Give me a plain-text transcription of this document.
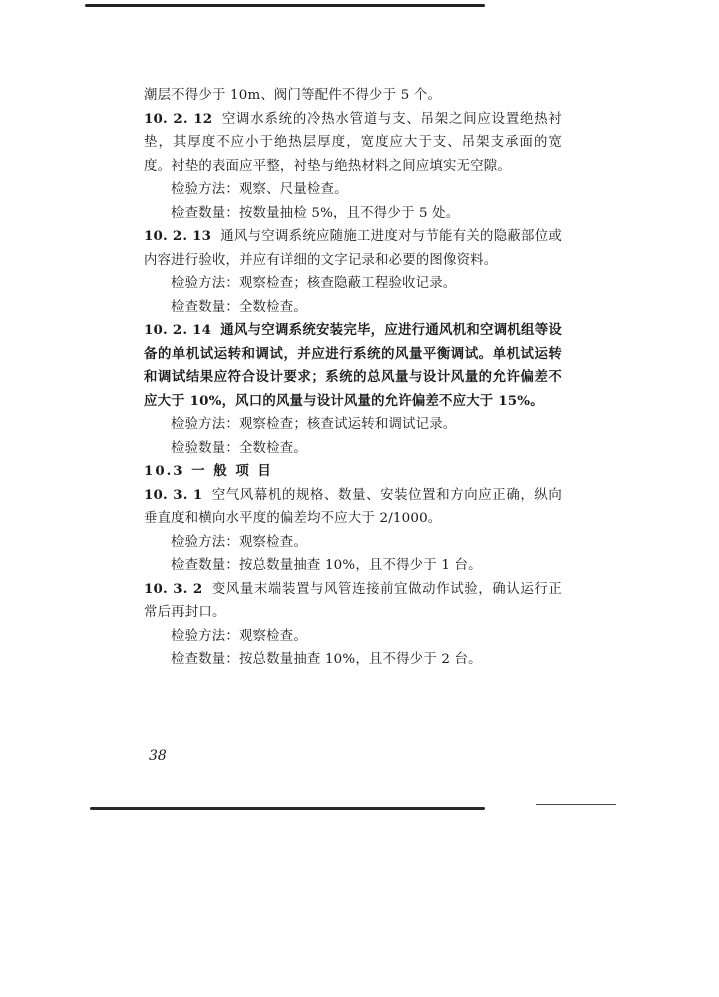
潮层不得少于 10m、阀门等配件不得少于 5 个。

10. 2. 12 空调水系统的冷热水管道与支、吊架之间应设置绝热衬垫，其厚度不应小于绝热层厚度，宽度应大于支、吊架支承面的宽度。衬垫的表面应平整，衬垫与绝热材料之间应填实无空隙。

检验方法：观察、尺量检查。

检查数量：按数量抽检 5%，且不得少于 5 处。

10. 2. 13 通风与空调系统应随施工进度对与节能有关的隐蔽部位或内容进行验收，并应有详细的文字记录和必要的图像资料。

检验方法：观察检查；核查隐蔽工程验收记录。

检查数量：全数检查。

10. 2. 14 通风与空调系统安装完毕，应进行通风机和空调机组等设备的单机试运转和调试，并应进行系统的风量平衡调试。单机试运转和调试结果应符合设计要求；系统的总风量与设计风量的允许偏差不应大于 10%，风口的风量与设计风量的允许偏差不应大于 15%。

检验方法：观察检查；核查试运转和调试记录。

检验数量：全数检查。

10.3 一 般 项 目

10. 3. 1 空气风幕机的规格、数量、安装位置和方向应正确，纵向垂直度和横向水平度的偏差均不应大于 2/1000。

检验方法：观察检查。

检查数量：按总数量抽查 10%，且不得少于 1 台。

10. 3. 2 变风量末端装置与风管连接前宜做动作试验，确认运行正常后再封口。

检验方法：观察检查。

检查数量：按总数量抽查 10%，且不得少于 2 台。

38
